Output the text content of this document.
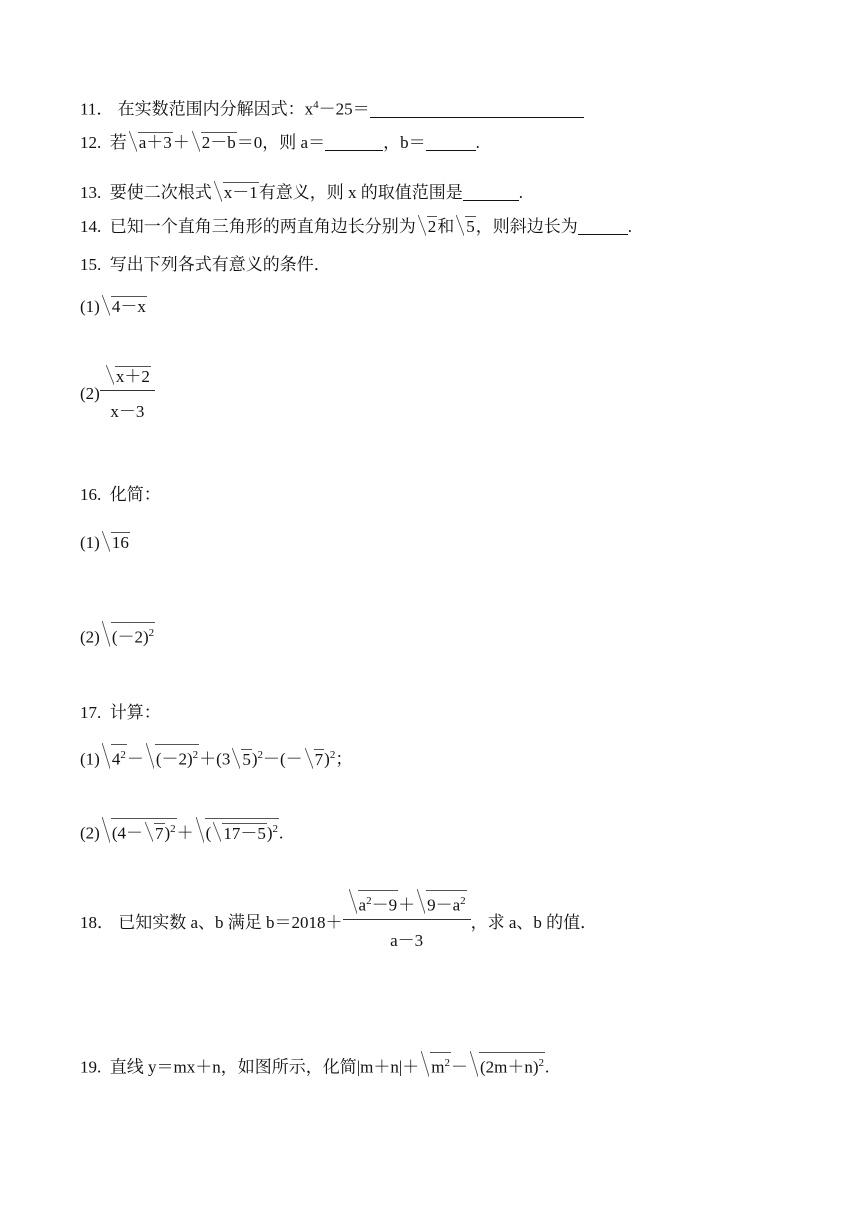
11． 在实数范围内分解因式：$x^4-25=$
12. 若 a＋3＋ 2－b＝0，则 a＝	，b＝	.
13. 要使二次根式 x－1有意义，则 x 的取值范围是	.
14. 已知一个直角三角形的两直角边长分别为 2和 5，则斜边长为	.
15. 写出下列各式有意义的条件．
(1) 4－x
$(2) \frac{x+2}{x-3}$
16. 化简：
(1) 16
(2) $(-2)^2$
17. 计算：
(1) $4^2- (-2)^2+(3$ $5)^2-(- 7)^2$；
(2) $(4- 7)^2+$ ( 17－5)$^2$.
18． 已知实数 a、b 满足 $b=2018+ \frac{a^2-9+ 9-a^2}{a-3}$ ，求 a、b 的值．
19. 直线 y＝mx＋n，如图所示，化简$|m+n|+ m^2- (2m+n)^2$.
